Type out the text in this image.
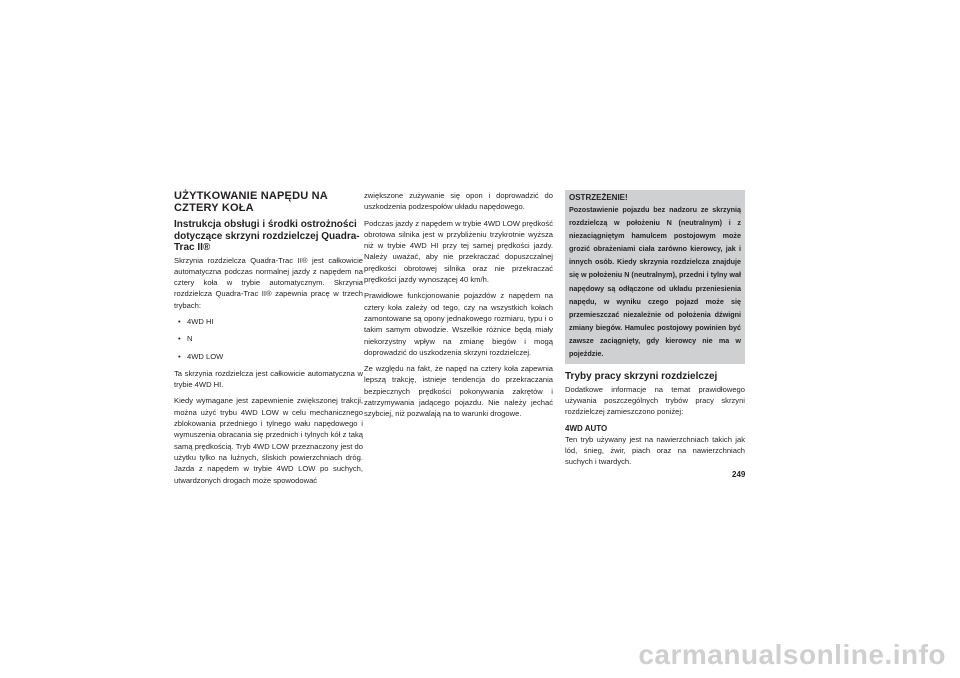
UŻYTKOWANIE NAPĘDU NA CZTERY KOŁA
Instrukcja obsługi i środki ostrożności dotyczące skrzyni rozdzielczej Quadra-Trac II®

Skrzynia rozdzielcza Quadra-Trac II® jest całkowicie automatyczna podczas normalnej jazdy z napędem na cztery koła w trybie automatycznym. Skrzynia rozdzielcza Quadra-Trac II® zapewnia pracę w trzech trybach:

• 4WD HI
• N
• 4WD LOW

Ta skrzynia rozdzielcza jest całkowicie automatyczna w trybie 4WD HI.

Kiedy wymagane jest zapewnienie zwiększonej trakcji, można użyć trybu 4WD LOW w celu mechanicznego zblokowania przedniego i tylnego wału napędowego i wymuszenia obracania się przednich i tylnych kół z taką samą prędkością. Tryb 4WD LOW przeznaczony jest do użytku tylko na luźnych, śliskich powierzchniach dróg. Jazda z napędem w trybie 4WD LOW po suchych, utwardzonych drogach może spowodować

zwiększone zużywanie się opon i doprowadzić do uszkodzenia podzespołów układu napędowego.

Podczas jazdy z napędem w trybie 4WD LOW prędkość obrotowa silnika jest w przybliżeniu trzykrotnie wyższa niż w trybie 4WD HI przy tej samej prędkości jazdy. Należy uważać, aby nie przekraczać dopuszczalnej prędkości obrotowej silnika oraz nie przekraczać prędkości jazdy wynoszącej 40 km/h.

Prawidłowe funkcjonowanie pojazdów z napędem na cztery koła zależy od tego, czy na wszystkich kołach zamontowane są opony jednakowego rozmiaru, typu i o takim samym obwodzie. Wszelkie różnice będą miały niekorzystny wpływ na zmianę biegów i mogą doprowadzić do uszkodzenia skrzyni rozdzielczej.

Ze względu na fakt, że napęd na cztery koła zapewnia lepszą trakcję, istnieje tendencja do przekraczania bezpiecznych prędkości pokonywania zakrętów i zatrzymywania jadącego pojazdu. Nie należy jechać szybciej, niż pozwalają na to warunki drogowe.

OSTRZEŻENIE!
Pozostawienie pojazdu bez nadzoru ze skrzynią rozdzielczą w położeniu N (neutralnym) i z niezaciągniętym hamulcem postojowym może grozić obrażeniami ciała zarówno kierowcy, jak i innych osób. Kiedy skrzynia rozdzielcza znajduje się w położeniu N (neutralnym), przedni i tylny wał napędowy są odłączone od układu przeniesienia napędu, w wyniku czego pojazd może się przemieszczać niezależnie od położenia dźwigni zmiany biegów. Hamulec postojowy powinien być zawsze zaciągnięty, gdy kierowcy nie ma w pojeździe.
Tryby pracy skrzyni rozdzielczej

Dodatkowe informacje na temat prawidłowego używania poszczególnych trybów pracy skrzyni rozdzielczej zamieszczono poniżej:

4WD AUTO

Ten tryb używany jest na nawierzchniach takich jak lód, śnieg, żwir, piach oraz na nawierzchniach suchych i twardych.

249
carmanualsonline.info
